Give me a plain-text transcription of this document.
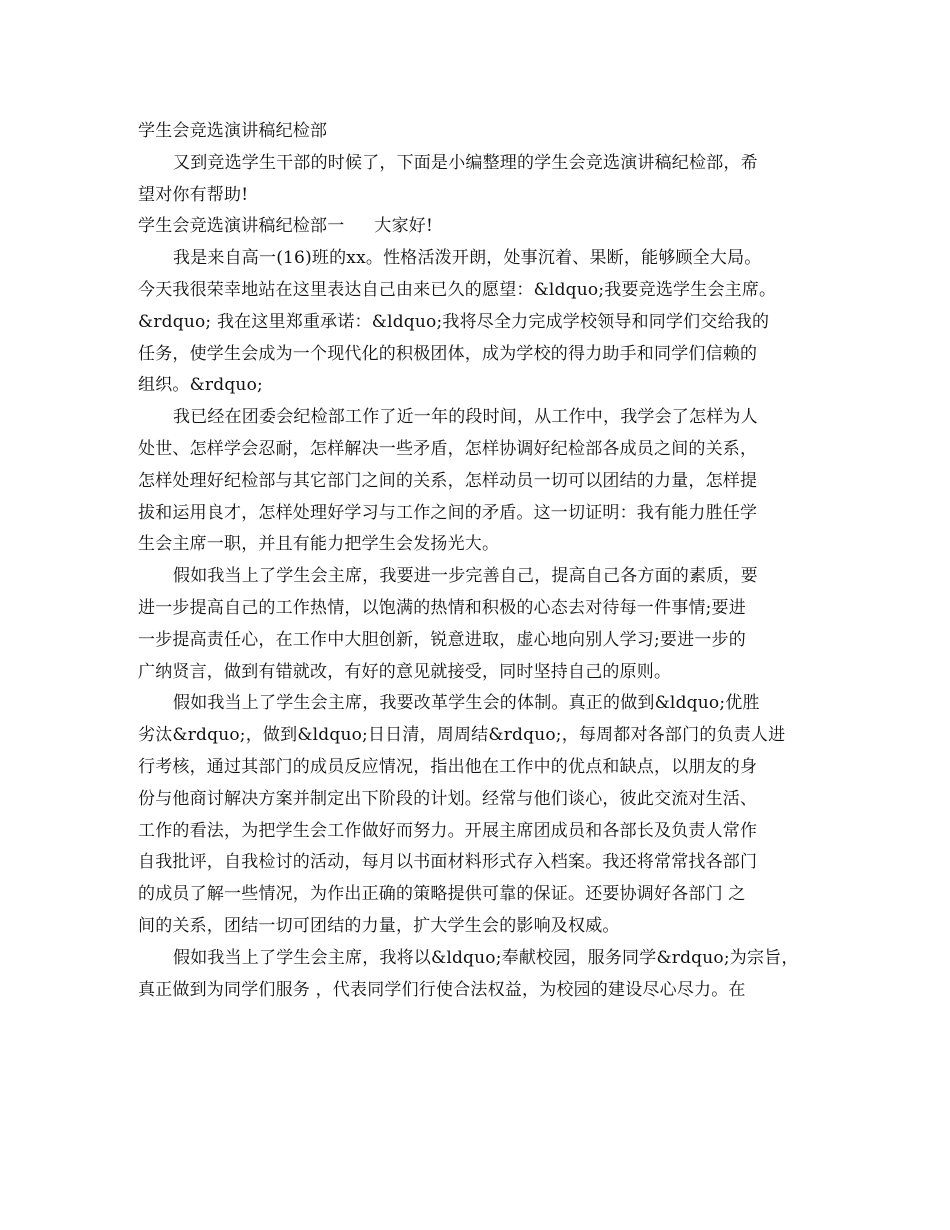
学生会竞选演讲稿纪检部
又到竞选学生干部的时候了，下面是小编整理的学生会竞选演讲稿纪检部，希
望对你有帮助!
学生会竞选演讲稿纪检部一 大家好!
我是来自高一(16)班的xx。性格活泼开朗，处事沉着、果断，能够顾全大局。
今天我很荣幸地站在这里表达自己由来已久的愿望：&ldquo;我要竞选学生会主席。
&rdquo; 我在这里郑重承诺：&ldquo;我将尽全力完成学校领导和同学们交给我的
任务，使学生会成为一个现代化的积极团体，成为学校的得力助手和同学们信赖的
组织。&rdquo;
我已经在团委会纪检部工作了近一年的段时间，从工作中，我学会了怎样为人
处世、怎样学会忍耐，怎样解决一些矛盾，怎样协调好纪检部各成员之间的关系，
怎样处理好纪检部与其它部门之间的关系，怎样动员一切可以团结的力量，怎样提
拔和运用良才，怎样处理好学习与工作之间的矛盾。这一切证明：我有能力胜任学
生会主席一职，并且有能力把学生会发扬光大。
假如我当上了学生会主席，我要进一步完善自己，提高自己各方面的素质，要
进一步提高自己的工作热情，以饱满的热情和积极的心态去对待每一件事情;要进
一步提高责任心，在工作中大胆创新，锐意进取，虚心地向别人学习;要进一步的
广纳贤言，做到有错就改，有好的意见就接受，同时坚持自己的原则。
假如我当上了学生会主席，我要改革学生会的体制。真正的做到&ldquo;优胜
劣汰&rdquo;，做到&ldquo;日日清，周周结&rdquo;，每周都对各部门的负责人进
行考核，通过其部门的成员反应情况，指出他在工作中的优点和缺点，以朋友的身
份与他商讨解决方案并制定出下阶段的计划。经常与他们谈心，彼此交流对生活、
工作的看法，为把学生会工作做好而努力。开展主席团成员和各部长及负责人常作
自我批评，自我检讨的活动，每月以书面材料形式存入档案。我还将常常找各部门
的成员了解一些情况，为作出正确的策略提供可靠的保证。还要协调好各部门 之
间的关系，团结一切可团结的力量，扩大学生会的影响及权威。
假如我当上了学生会主席，我将以&ldquo;奉献校园，服务同学&rdquo;为宗旨，
真正做到为同学们服务 ，代表同学们行使合法权益，为校园的建设尽心尽力。在
